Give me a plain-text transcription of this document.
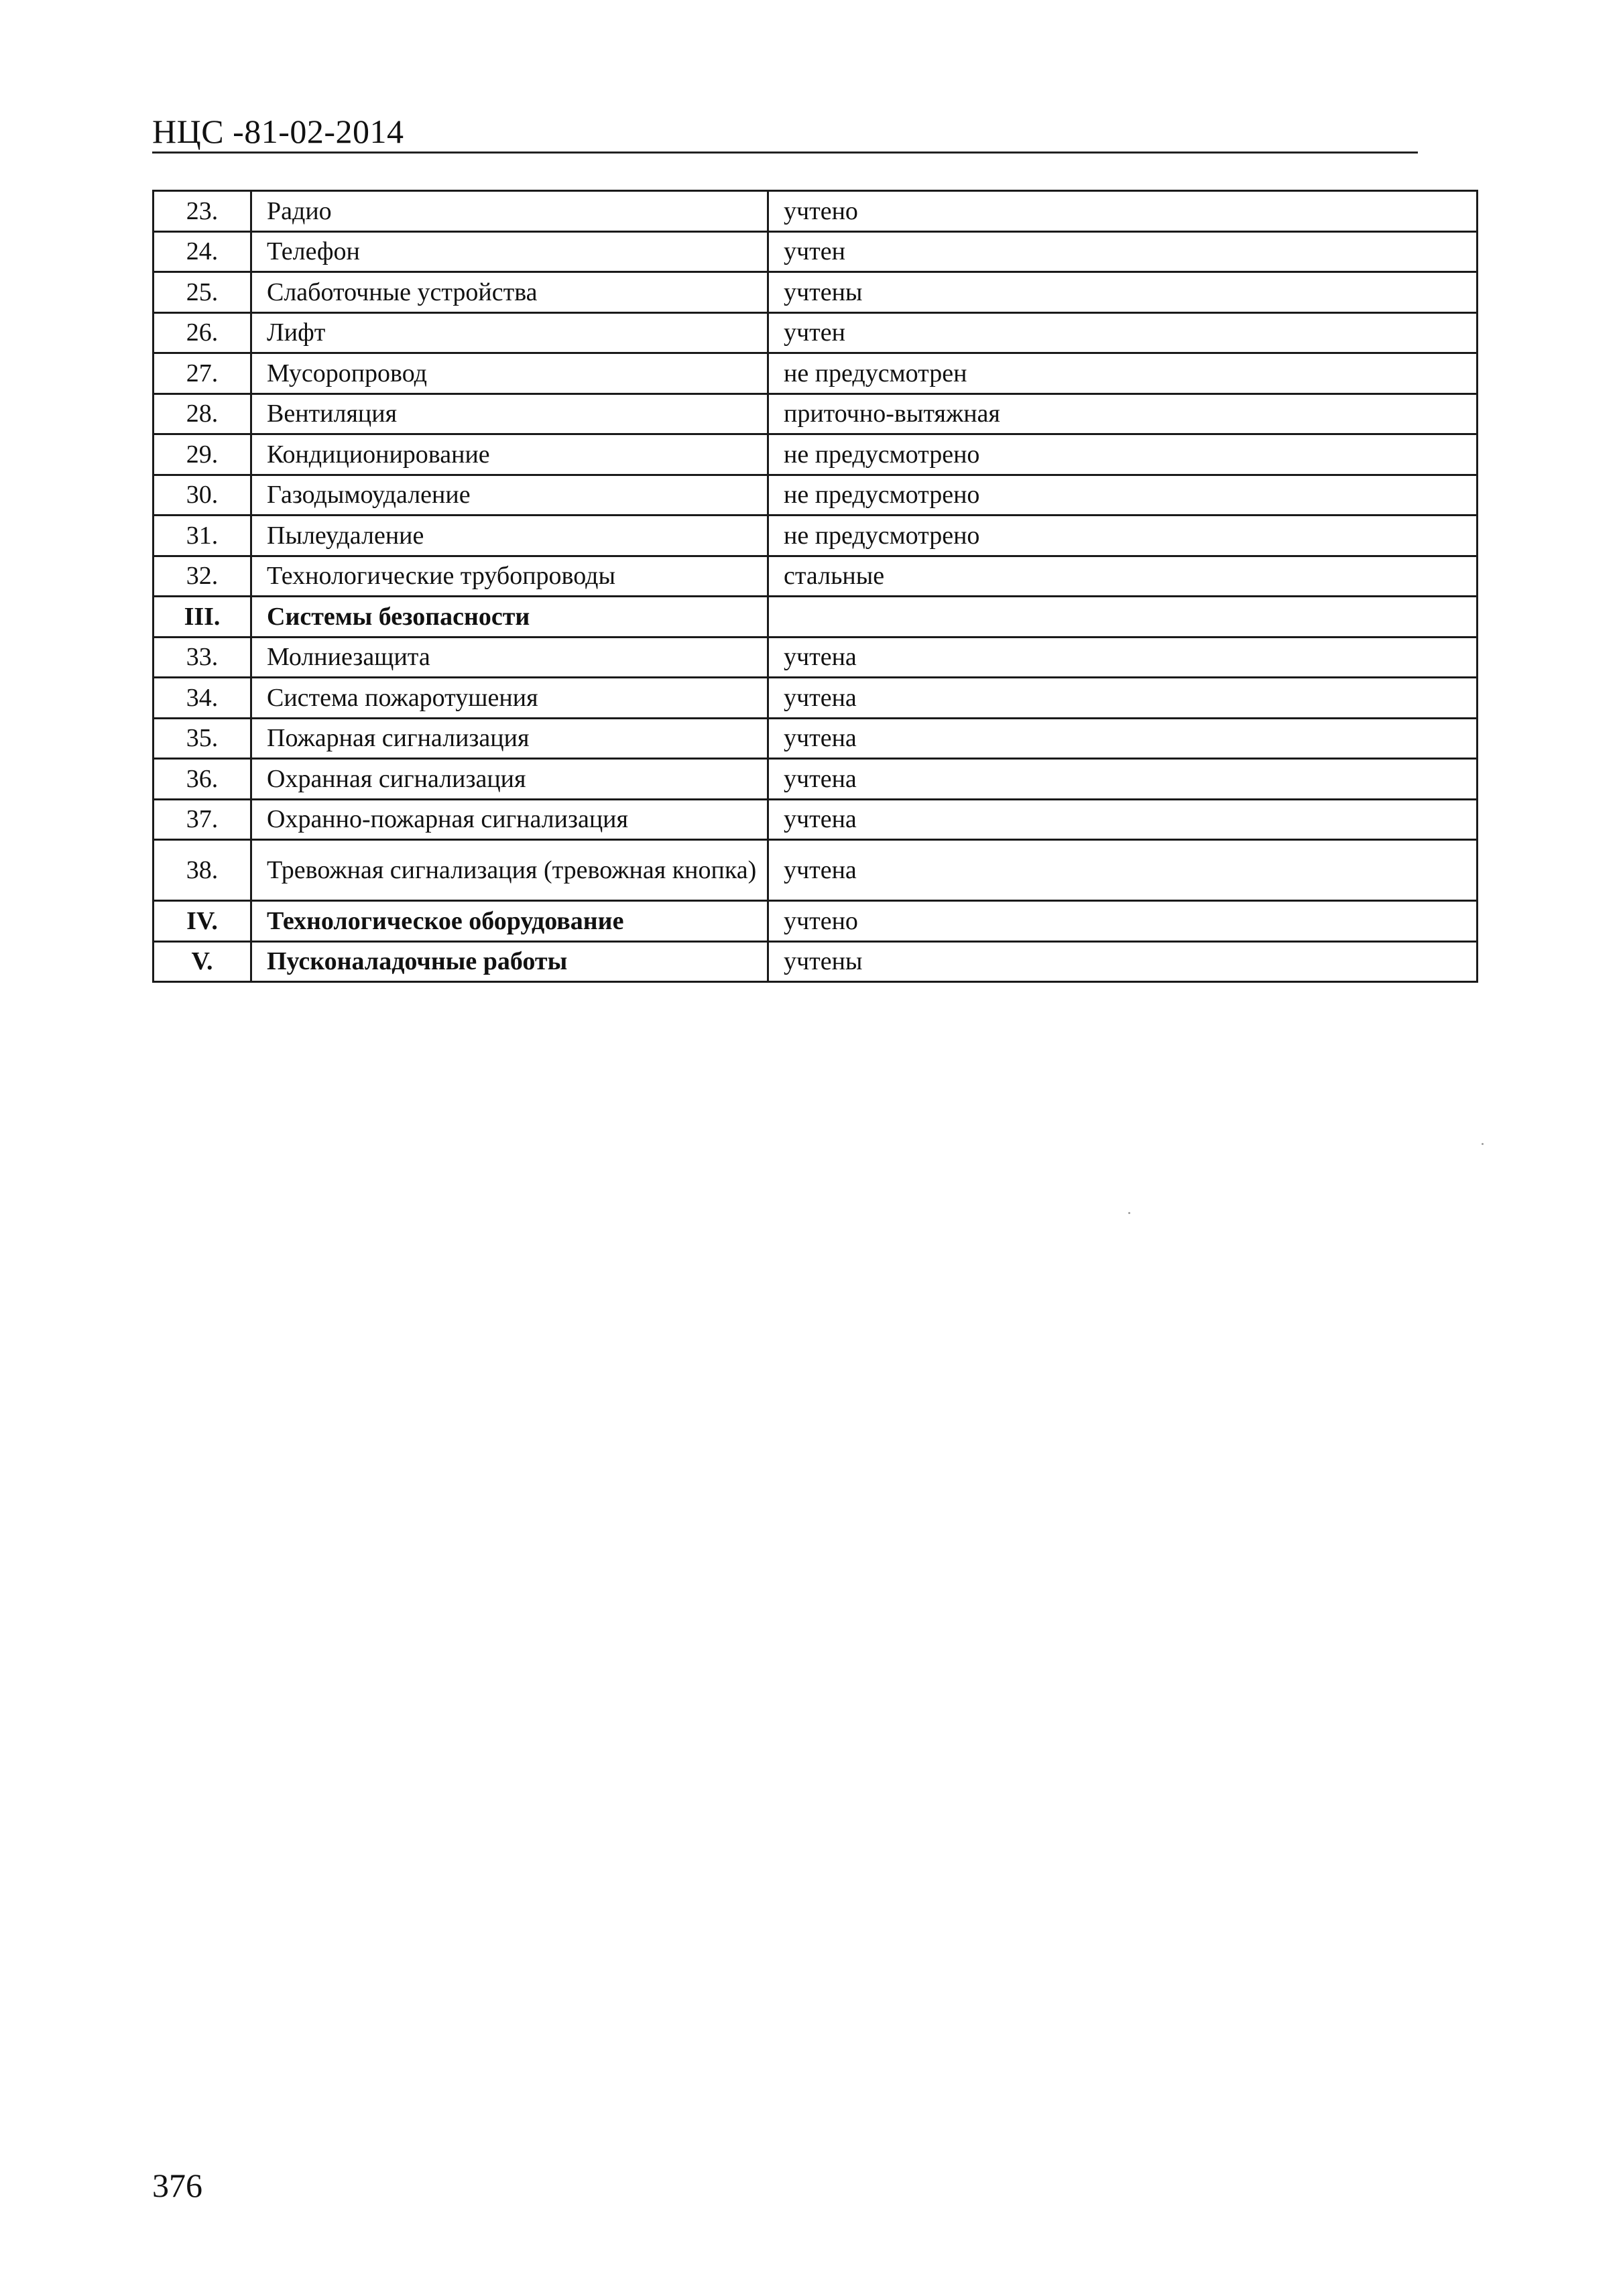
НЦС -81-02-2014
23.	Радио	учтено
24.	Телефон	учтен
25.	Слаботочные устройства	учтены
26.	Лифт	учтен
27.	Мусоропровод	не предусмотрен
28.	Вентиляция	приточно-вытяжная
29.	Кондиционирование	не предусмотрено
30.	Газодымоудаление	не предусмотрено
31.	Пылеудаление	не предусмотрено
32.	Технологические трубопроводы	стальные
III.	Системы безопасности	
33.	Молниезащита	учтена
34.	Система пожаротушения	учтена
35.	Пожарная сигнализация	учтена
36.	Охранная сигнализация	учтена
37.	Охранно-пожарная сигнализация	учтена
38.	Тревожная сигнализация (тревожная кнопка)	учтена
IV.	Технологическое оборудование	учтено
V.	Пусконаладочные работы	учтены
376
